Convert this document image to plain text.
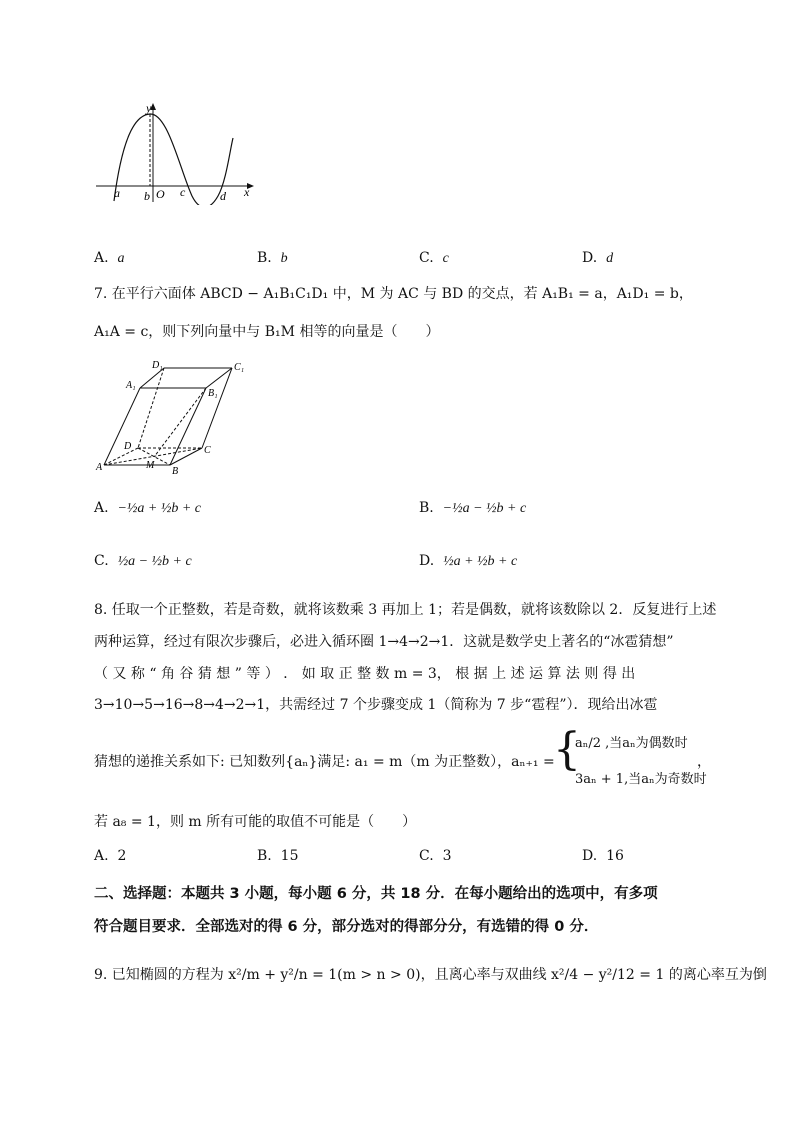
y
x
a b O c	d
A. a	B. b	C. c	D. d
7. 在平行六面体 ABCD − A₁B₁C₁D₁ 中，M 为 AC 与 BD 的交点，若 A₁B₁ = a，A₁D₁ = b，
A₁A = c，则下列向量中与 B₁M 相等的向量是（　　）
D₁	C₁
A₁
B₁
D	C
A	B
M
A. −½a + ½b + c	B. −½a − ½b + c
C. ½a − ½b + c	D. ½a + ½b + c
8. 任取一个正整数，若是奇数，就将该数乘 3 再加上 1；若是偶数，就将该数除以 2．反复进行上述
两种运算，经过有限次步骤后，必进入循环圈 1→4→2→1．这就是数学史上著名的“冰雹猜想”
（ 又 称 “ 角 谷 猜 想 ” 等 ） ． 如 取 正 整 数 m = 3， 根 据 上 述 运 算 法 则 得 出
3→10→5→16→8→4→2→1，共需经过 7 个步骤变成 1（简称为 7 步“雹程”）．现给出冰雹
猜想的递推关系如下: 已知数列{aₙ}满足: a₁ = m（m 为正整数），aₙ₊₁ =
{
aₙ/2 ,当aₙ为偶数时
3aₙ + 1,当aₙ为奇数时
，
若 a₈ = 1，则 m 所有可能的取值不可能是（　　）
A. 2	B. 15	C. 3	D. 16
二、选择题：本题共 3 小题，每小题 6 分，共 18 分．在每小题给出的选项中，有多项
符合题目要求．全部选对的得 6 分，部分选对的得部分分，有选错的得 0 分．
9. 已知椭圆的方程为 x²/m + y²/n = 1(m > n > 0)，且离心率与双曲线 x²/4 − y²/12 = 1 的离心率互为倒
